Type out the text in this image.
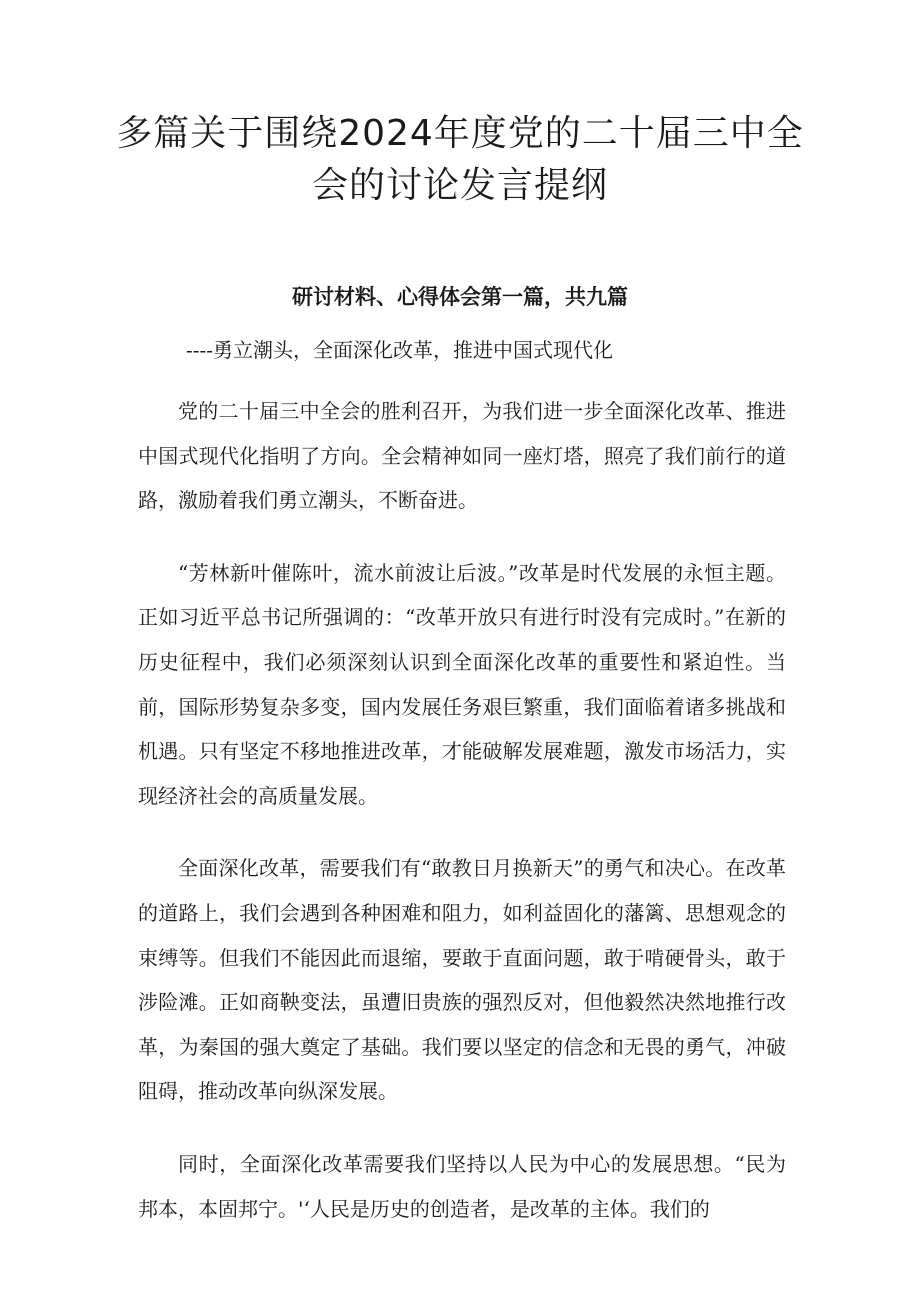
多篇关于围绕2024年度党的二十届三中全
会的讨论发言提纲

研讨材料、心得体会第一篇，共九篇

----勇立潮头，全面深化改革，推进中国式现代化

党的二十届三中全会的胜利召开，为我们进一步全面深化改革、推进中国式现代化指明了方向。全会精神如同一座灯塔，照亮了我们前行的道路，激励着我们勇立潮头，不断奋进。

“芳林新叶催陈叶，流水前波让后波。”改革是时代发展的永恒主题。正如习近平总书记所强调的：“改革开放只有进行时没有完成时。”在新的历史征程中，我们必须深刻认识到全面深化改革的重要性和紧迫性。当前，国际形势复杂多变，国内发展任务艰巨繁重，我们面临着诸多挑战和机遇。只有坚定不移地推进改革，才能破解发展难题，激发市场活力，实现经济社会的高质量发展。

全面深化改革，需要我们有“敢教日月换新天”的勇气和决心。在改革的道路上，我们会遇到各种困难和阻力，如利益固化的藩篱、思想观念的束缚等。但我们不能因此而退缩，要敢于直面问题，敢于啃硬骨头，敢于涉险滩。正如商鞅变法，虽遭旧贵族的强烈反对，但他毅然决然地推行改革，为秦国的强大奠定了基础。我们要以坚定的信念和无畏的勇气，冲破阻碍，推动改革向纵深发展。

同时，全面深化改革需要我们坚持以人民为中心的发展思想。“民为邦本，本固邦宁。'‘人民是历史的创造者，是改革的主体。我们的
